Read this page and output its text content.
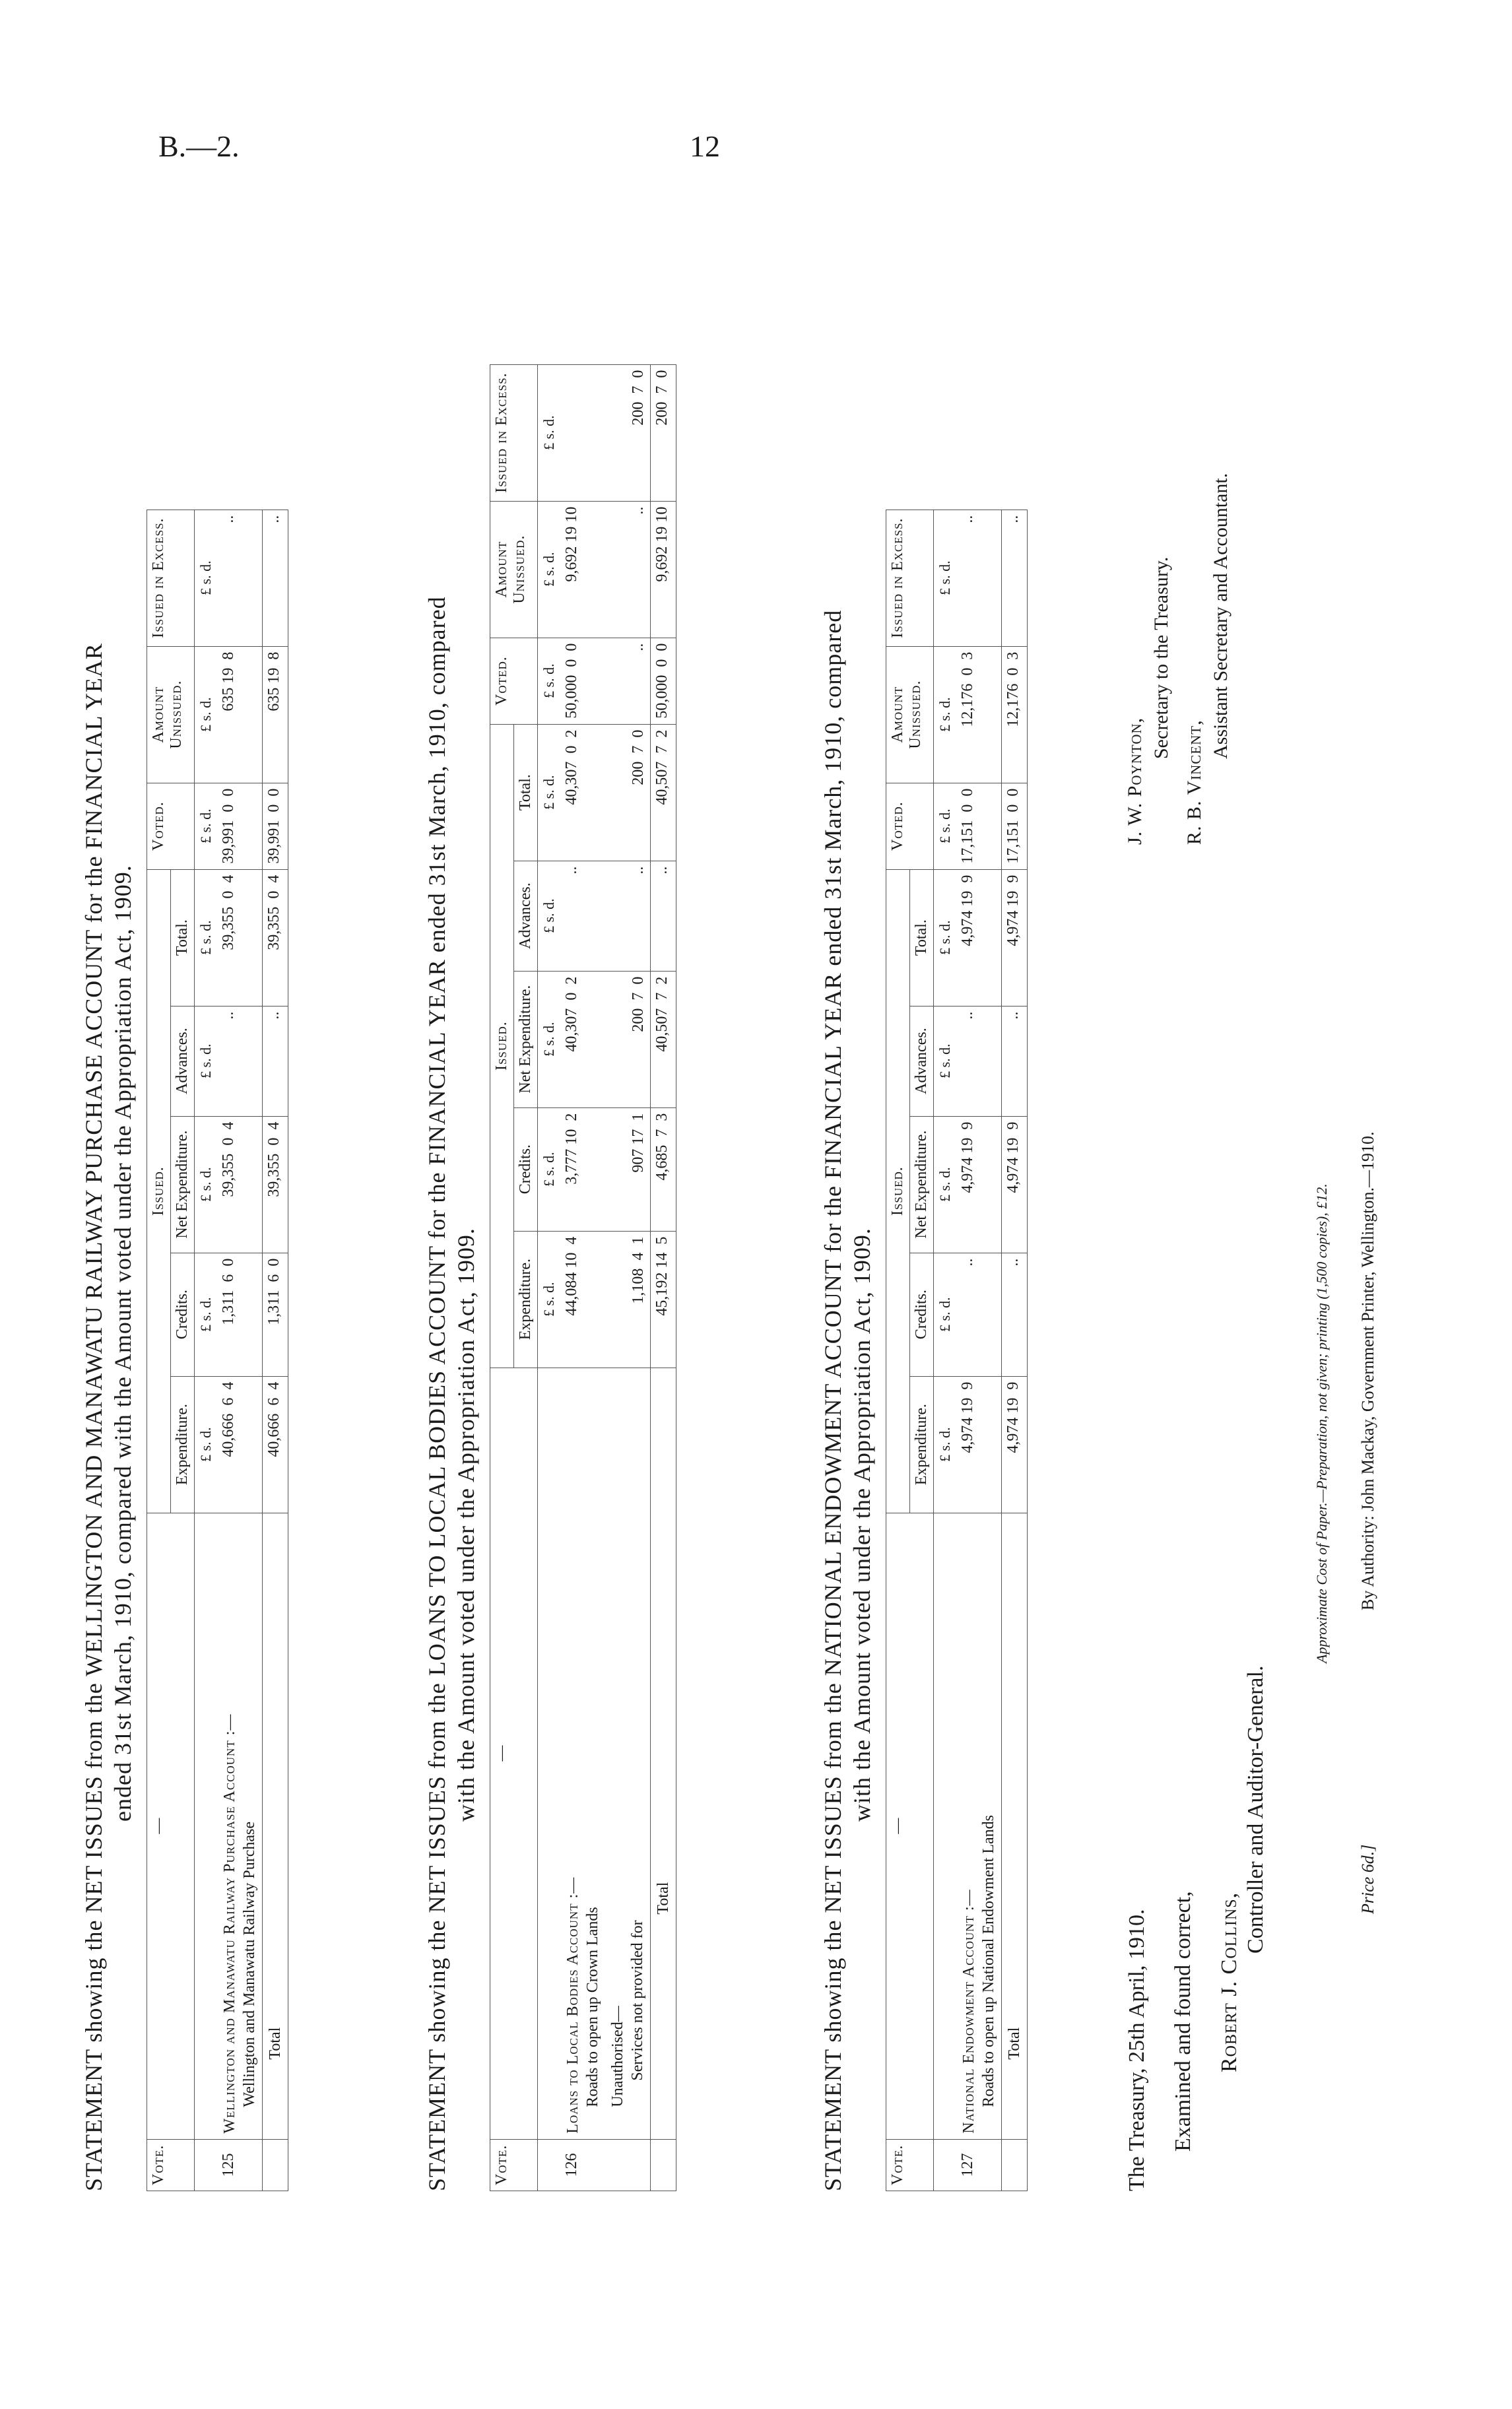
B.—2.	12
STATEMENT showing the NET ISSUES from the WELLINGTON AND MANAWATU RAILWAY PURCHASE ACCOUNT for the FINANCIAL YEAR ended 31st March, 1910, compared with the Amount voted under the Appropriation Act, 1909.
Vote.	—	Issued.					Voted.	Amount Unissued.	Issued in Excess.
		Expenditure.	Credits.	Net Expenditure.	Advances.	Total.			
		£ s. d.	£ s. d.	£ s. d.	£ s. d.	£ s. d.	£ s. d.	£ s. d.	£ s. d.
125	Wellington and Manawatu Railway Purchase Account :— Wellington and Manawatu Railway Purchase	40,666  6  4	1,311  6  0	39,355  0  4	..	39,355  0  4	39,991  0  0	635 19  8	..
	Total	40,666  6  4	1,311  6  0	39,355  0  4	..	39,355  0  4	39,991  0  0	635 19  8	..
STATEMENT showing the NET ISSUES from the LOANS TO LOCAL BODIES ACCOUNT for the FINANCIAL YEAR ended 31st March, 1910, compared with the Amount voted under the Appropriation Act, 1909.
Vote.	—	Issued.					Voted.	Amount Unissued.	Issued in Excess.
		Expenditure.	Credits.	Net Expenditure.	Advances.	Total.			
		£ s. d.	£ s. d.	£ s. d.	£ s. d.	£ s. d.	£ s. d.	£ s. d.	£ s. d.
126	Loans to Local Bodies Account :— Roads to open up Crown Lands	44,084 10  4	3,777 10  2	40,307  0  2	..	40,307  0  2	50,000  0  0	9,692 19 10	

	Unauthorised— Services not provided for	1,108  4  1	907 17  1	200  7  0	..	200  7  0	..	..	200  7  0
	Total	45,192 14  5	4,685  7  3	40,507  7  2	..	40,507  7  2	50,000  0  0	9,692 19 10	200  7  0
STATEMENT showing the NET ISSUES from the NATIONAL ENDOWMENT ACCOUNT for the FINANCIAL YEAR ended 31st March, 1910, compared with the Amount voted under the Appropriation Act, 1909.
Vote.	—	Issued.					Voted.	Amount Unissued.	Issued in Excess.
		Expenditure.	Credits.	Net Expenditure.	Advances.	Total.			
		£ s. d.	£ s. d.	£ s. d.	£ s. d.	£ s. d.	£ s. d.	£ s. d.	£ s. d.
127	National Endowment Account :— Roads to open up National Endowment Lands	4,974 19  9	..	4,974 19  9	..	4,974 19  9	17,151  0  0	12,176  0  3	..
	Total	4,974 19  9	..	4,974 19  9	..	4,974 19  9	17,151  0  0	12,176  0  3	..
The Treasury, 25th April, 1910. Examined and found correct, Robert J. Collins,
Controller and Auditor-General.
J. W. Poynton,
Secretary to the Treasury.
R. B. Vincent,
Assistant Secretary and Accountant.
Approximate Cost of Paper.—Preparation, not given; printing (1,500 copies), £12.	By Authority: John Mackay, Government Printer, Wellington.—1910.
Price 6d.]
